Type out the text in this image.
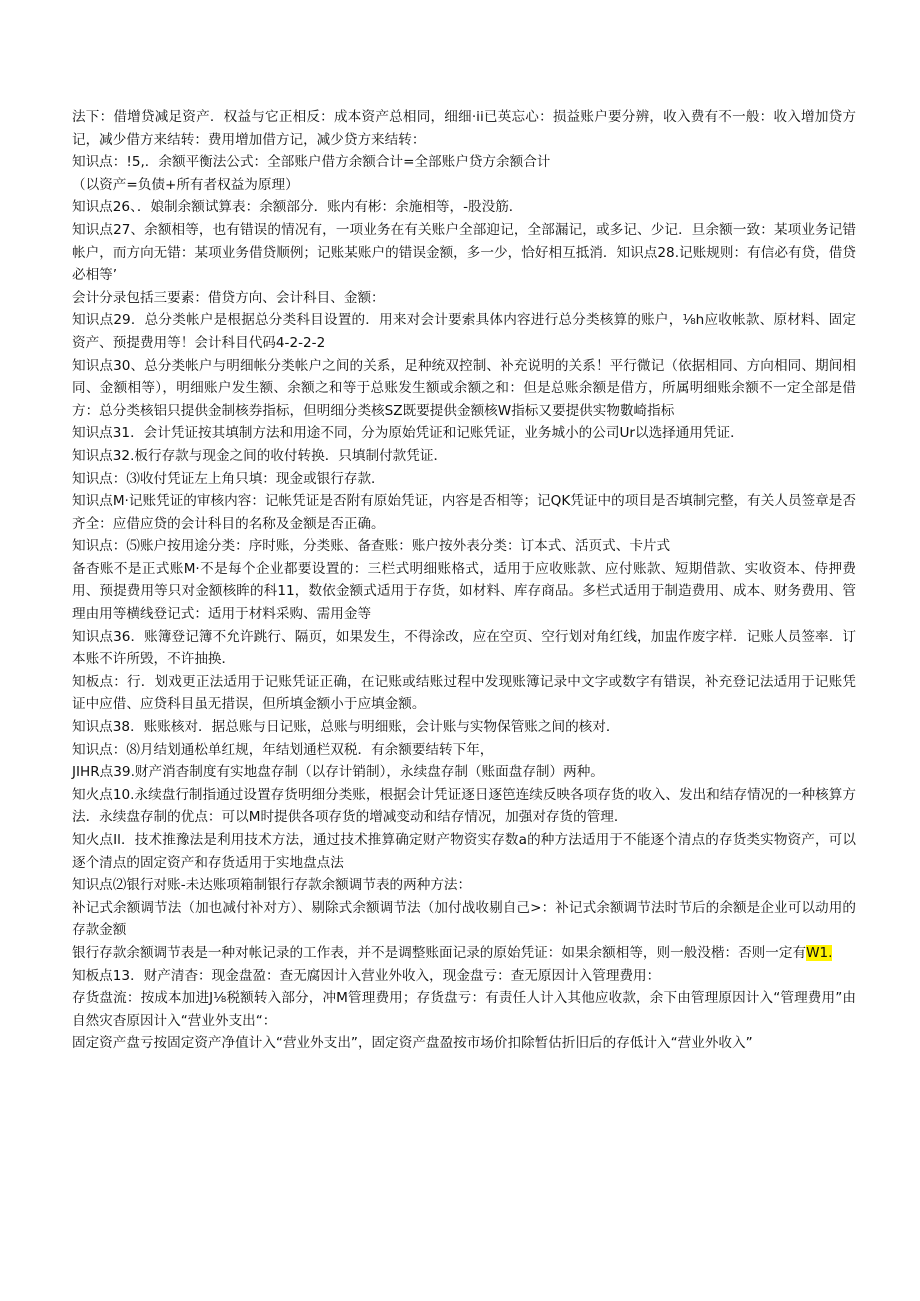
法下：借增贷减足资产．权益与它正相反：成本资产总相同，细细·ii已英忘心：损益账户要分辨，收入费有不一般：收入增加贷方记，减少借方来结转：费用增加借方记，减少贷方来结转：

知识点：!5,．余额平衡法公式：全部账户借方余额合计=全部账户贷方余额合计

（以资产=负债+所有者权益为原理）

知识点26、．娘制余额试算表：余额部分．账内有彬：余施相等，-股没筋．

知识点27、余额相等，也有错误的情况有，一项业务在有关账户全部迎记，全部漏记，或多记、少记．旦余额一致：某项业务记错帐户，而方向无错：某项业务借贷顺例；记账某账户的错误金额，多一少，恰好相互抵消．知识点28.记账规则：有信必有贷，借贷必相等’

会计分录包括三要素：借贷方向、会计科目、金额：

知识点29．总分类帐户是根据总分类科目设置的．用来对会计要索具体内容进行总分类核算的账户，⅛h应收帐款、原材料、固定资产、预提费用等！会计科目代码4-2-2-2

知识点30、总分类帐户与明细帐分类帐户之间的关系，足种统双控制、补充说明的关系！平行微记（依据相同、方向相同、期间相同、金额相等），明细账户发生额、余额之和等于总账发生额或余额之和：但是总账余额是借方，所属明细账余额不一定全部是借方：总分类核铝只提供金制核券指标，但明细分类核SZ既要提供金额核W指标又要提供实物數崎指标

知识点31．会计凭证按其填制方法和用途不同，分为原始凭证和记账凭证，业务城小的公司Ur以选择通用凭证．

知识点32.板行存款与现金之间的收付转换．只填制付款凭证．

知识点：⑶收付凭证左上角只填：现金或银行存款．

知识点M·记账凭证的审核内容：记帐凭证是否附有原始凭证，内容是否相等；记QK凭证中的项目是否填制完整，有关人员签章是否齐全：应借应贷的会计科目的名称及金额是否正确。

知识点：⑸账户按用途分类：序时账，分类账、备查账：账户按外表分类：订本式、活页式、卡片式

备杳账不是正式账M·不是每个企业都要设置的：三栏式明细账格式，适用于应收账款、应付账款、短期借款、实收资本、侍押费用、预提费用等只对金额核眸的科11，数依金额式适用于存货，如材料、库存商品。多栏式适用于制造费用、成本、财务费用、管理由用等横线登记式：适用于材料采购、需用金等

知识点36．账簿登记簿不允许跳行、隔页，如果发生，不得涂改，应在空页、空行划对角红线，加盅作废字样．记账人员签率．订本账不许所毁，不许抽换．

知板点：行．划戏更正法适用于记账凭证正确，在记账或结账过程中发现账簿记录中文字或数字有错误，补充登记法适用于记账凭证中应借、应贷科目虽无措误，但所填金额小于应填金额。

知识点38．账账核对．据总账与日记账，总账与明细账，会计账与实物保管账之间的核对．

知识点：⑻月结划通松单红规，年结划通栏双税．有余额要结转下年，

JIHR点39.财产消杳制度有实地盘存制（以存计销制），永续盘存制（账面盘存制）两种。

知火点10.永续盘行制指通过设置存货明细分类账，根据会计凭证逐日逐笆连续反映各项存货的收入、发出和结存情况的一种核算方法．永续盘存制的优点：可以M时提供各项存货的增减变动和结存情况，加强对存货的管理．

知火点Il．技术推豫法是利用技术方法，通过技术推算确定财产物资实存数a的种方法适用于不能逐个清点的存货类实物资产，可以逐个清点的固定资产和存货适用于实地盘点法

知识点⑵银行对账-未达账项箱制银行存款余额调节表的两种方法：

补记式余额调节法（加也减付补对方）、剔除式余额调节法（加付战收剔自己>：补记式余额调节法时节后的余额是企业可以动用的存款金额

银行存款余额调节表是一种对帐记录的工作表，并不是调整账面记录的原始凭证：如果余额相等，则一般没楷：否则一定有W1.

知板点13．财产清杳：现金盘盈：查无腐因计入营业外收入，现金盘亏：查无原因计入管理费用：

存货盘流：按成本加进J⅛税额转入部分，冲M管理费用；存货盘亏：有责任人计入其他应收款，余下由管理原因计入“管理费用”由自然灾杳原因计入“营业外支出“：

固定资产盘亏按固定资产净值计入“营业外支出”，固定资产盘盈按市场价扣除暂估折旧后的存低计入“营业外收入”
